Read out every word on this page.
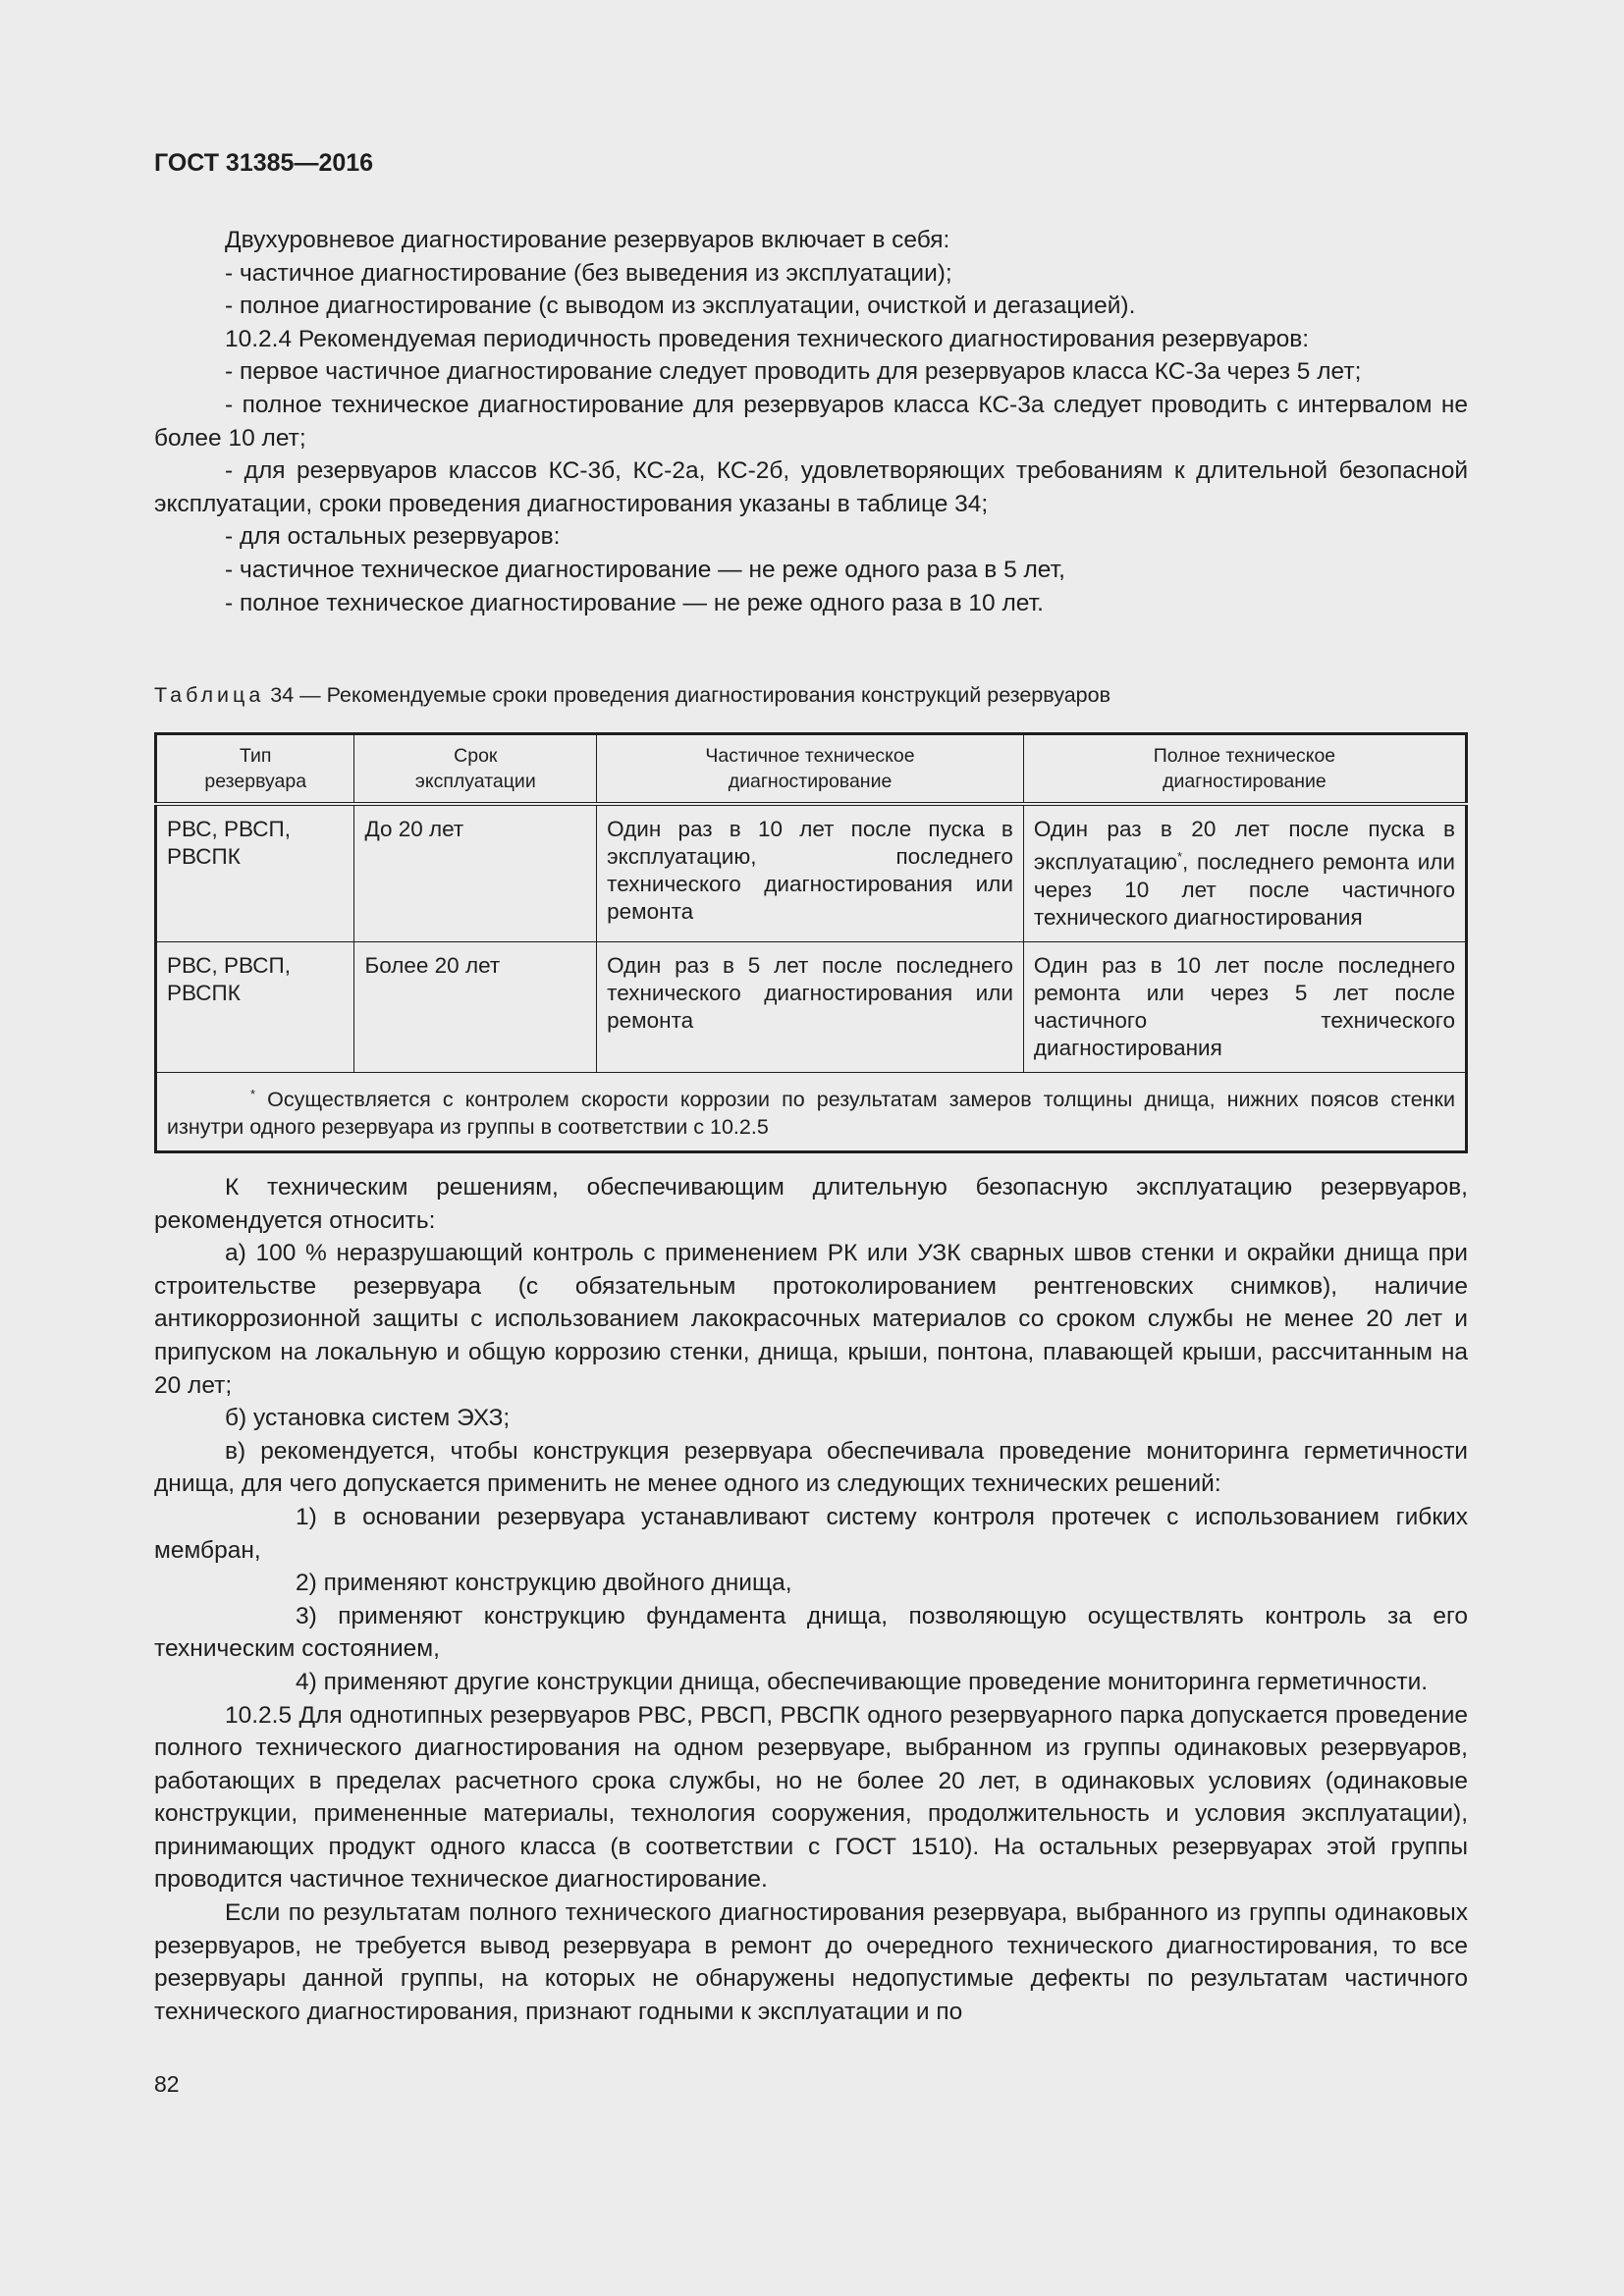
ГОСТ 31385—2016

Двухуровневое диагностирование резервуаров включает в себя:

- частичное диагностирование (без выведения из эксплуатации);

- полное диагностирование (с выводом из эксплуатации, очисткой и дегазацией).

10.2.4 Рекомендуемая периодичность проведения технического диагностирования резервуаров:

- первое частичное диагностирование следует проводить для резервуаров класса КС-3а через 5 лет;

- полное техническое диагностирование для резервуаров класса КС-3а следует проводить с интервалом не более 10 лет;

- для резервуаров классов КС-3б, КС-2а, КС-2б, удовлетворяющих требованиям к длительной безопасной эксплуатации, сроки проведения диагностирования указаны в таблице 34;

- для остальных резервуаров:

- частичное техническое диагностирование — не реже одного раза в 5 лет,

- полное техническое диагностирование — не реже одного раза в 10 лет.

Таблица 34 — Рекомендуемые сроки проведения диагностирования конструкций резервуаров
Тип резервуара	Срок эксплуатации	Частичное техническое диагностирование	Полное техническое диагностирование
РВС, РВСП, РВСПК	До 20 лет	Один раз в 10 лет после пуска в эксплуатацию, последнего технического диагностирования или ремонта	Один раз в 20 лет после пуска в эксплуатацию*, последнего ремонта или через 10 лет после частичного технического диагностирования
РВС, РВСП, РВСПК	Более 20 лет	Один раз в 5 лет после последнего технического диагностирования или ремонта	Один раз в 10 лет после последнего ремонта или через 5 лет после частичного технического диагностирования

* Осуществляется с контролем скорости коррозии по результатам замеров толщины днища, нижних поясов стенки изнутри одного резервуара из группы в соответствии с 10.2.5			

К техническим решениям, обеспечивающим длительную безопасную эксплуатацию резервуаров, рекомендуется относить:

а) 100 % неразрушающий контроль с применением РК или УЗК сварных швов стенки и окрайки днища при строительстве резервуара (с обязательным протоколированием рентгеновских снимков), наличие антикоррозионной защиты с использованием лакокрасочных материалов со сроком службы не менее 20 лет и припуском на локальную и общую коррозию стенки, днища, крыши, понтона, плавающей крыши, рассчитанным на 20 лет;

б) установка систем ЭХЗ;

в) рекомендуется, чтобы конструкция резервуара обеспечивала проведение мониторинга герметичности днища, для чего допускается применить не менее одного из следующих технических решений:

1) в основании резервуара устанавливают систему контроля протечек с использованием гибких мембран,

2) применяют конструкцию двойного днища,

3) применяют конструкцию фундамента днища, позволяющую осуществлять контроль за его техническим состоянием,

4) применяют другие конструкции днища, обеспечивающие проведение мониторинга герметичности.

10.2.5 Для однотипных резервуаров РВС, РВСП, РВСПК одного резервуарного парка допускается проведение полного технического диагностирования на одном резервуаре, выбранном из группы одинаковых резервуаров, работающих в пределах расчетного срока службы, но не более 20 лет, в одинаковых условиях (одинаковые конструкции, примененные материалы, технология сооружения, продолжительность и условия эксплуатации), принимающих продукт одного класса (в соответствии с ГОСТ 1510). На остальных резервуарах этой группы проводится частичное техническое диагностирование.

Если по результатам полного технического диагностирования резервуара, выбранного из группы одинаковых резервуаров, не требуется вывод резервуара в ремонт до очередного технического диагностирования, то все резервуары данной группы, на которых не обнаружены недопустимые дефекты по результатам частичного технического диагностирования, признают годными к эксплуатации и по

82
